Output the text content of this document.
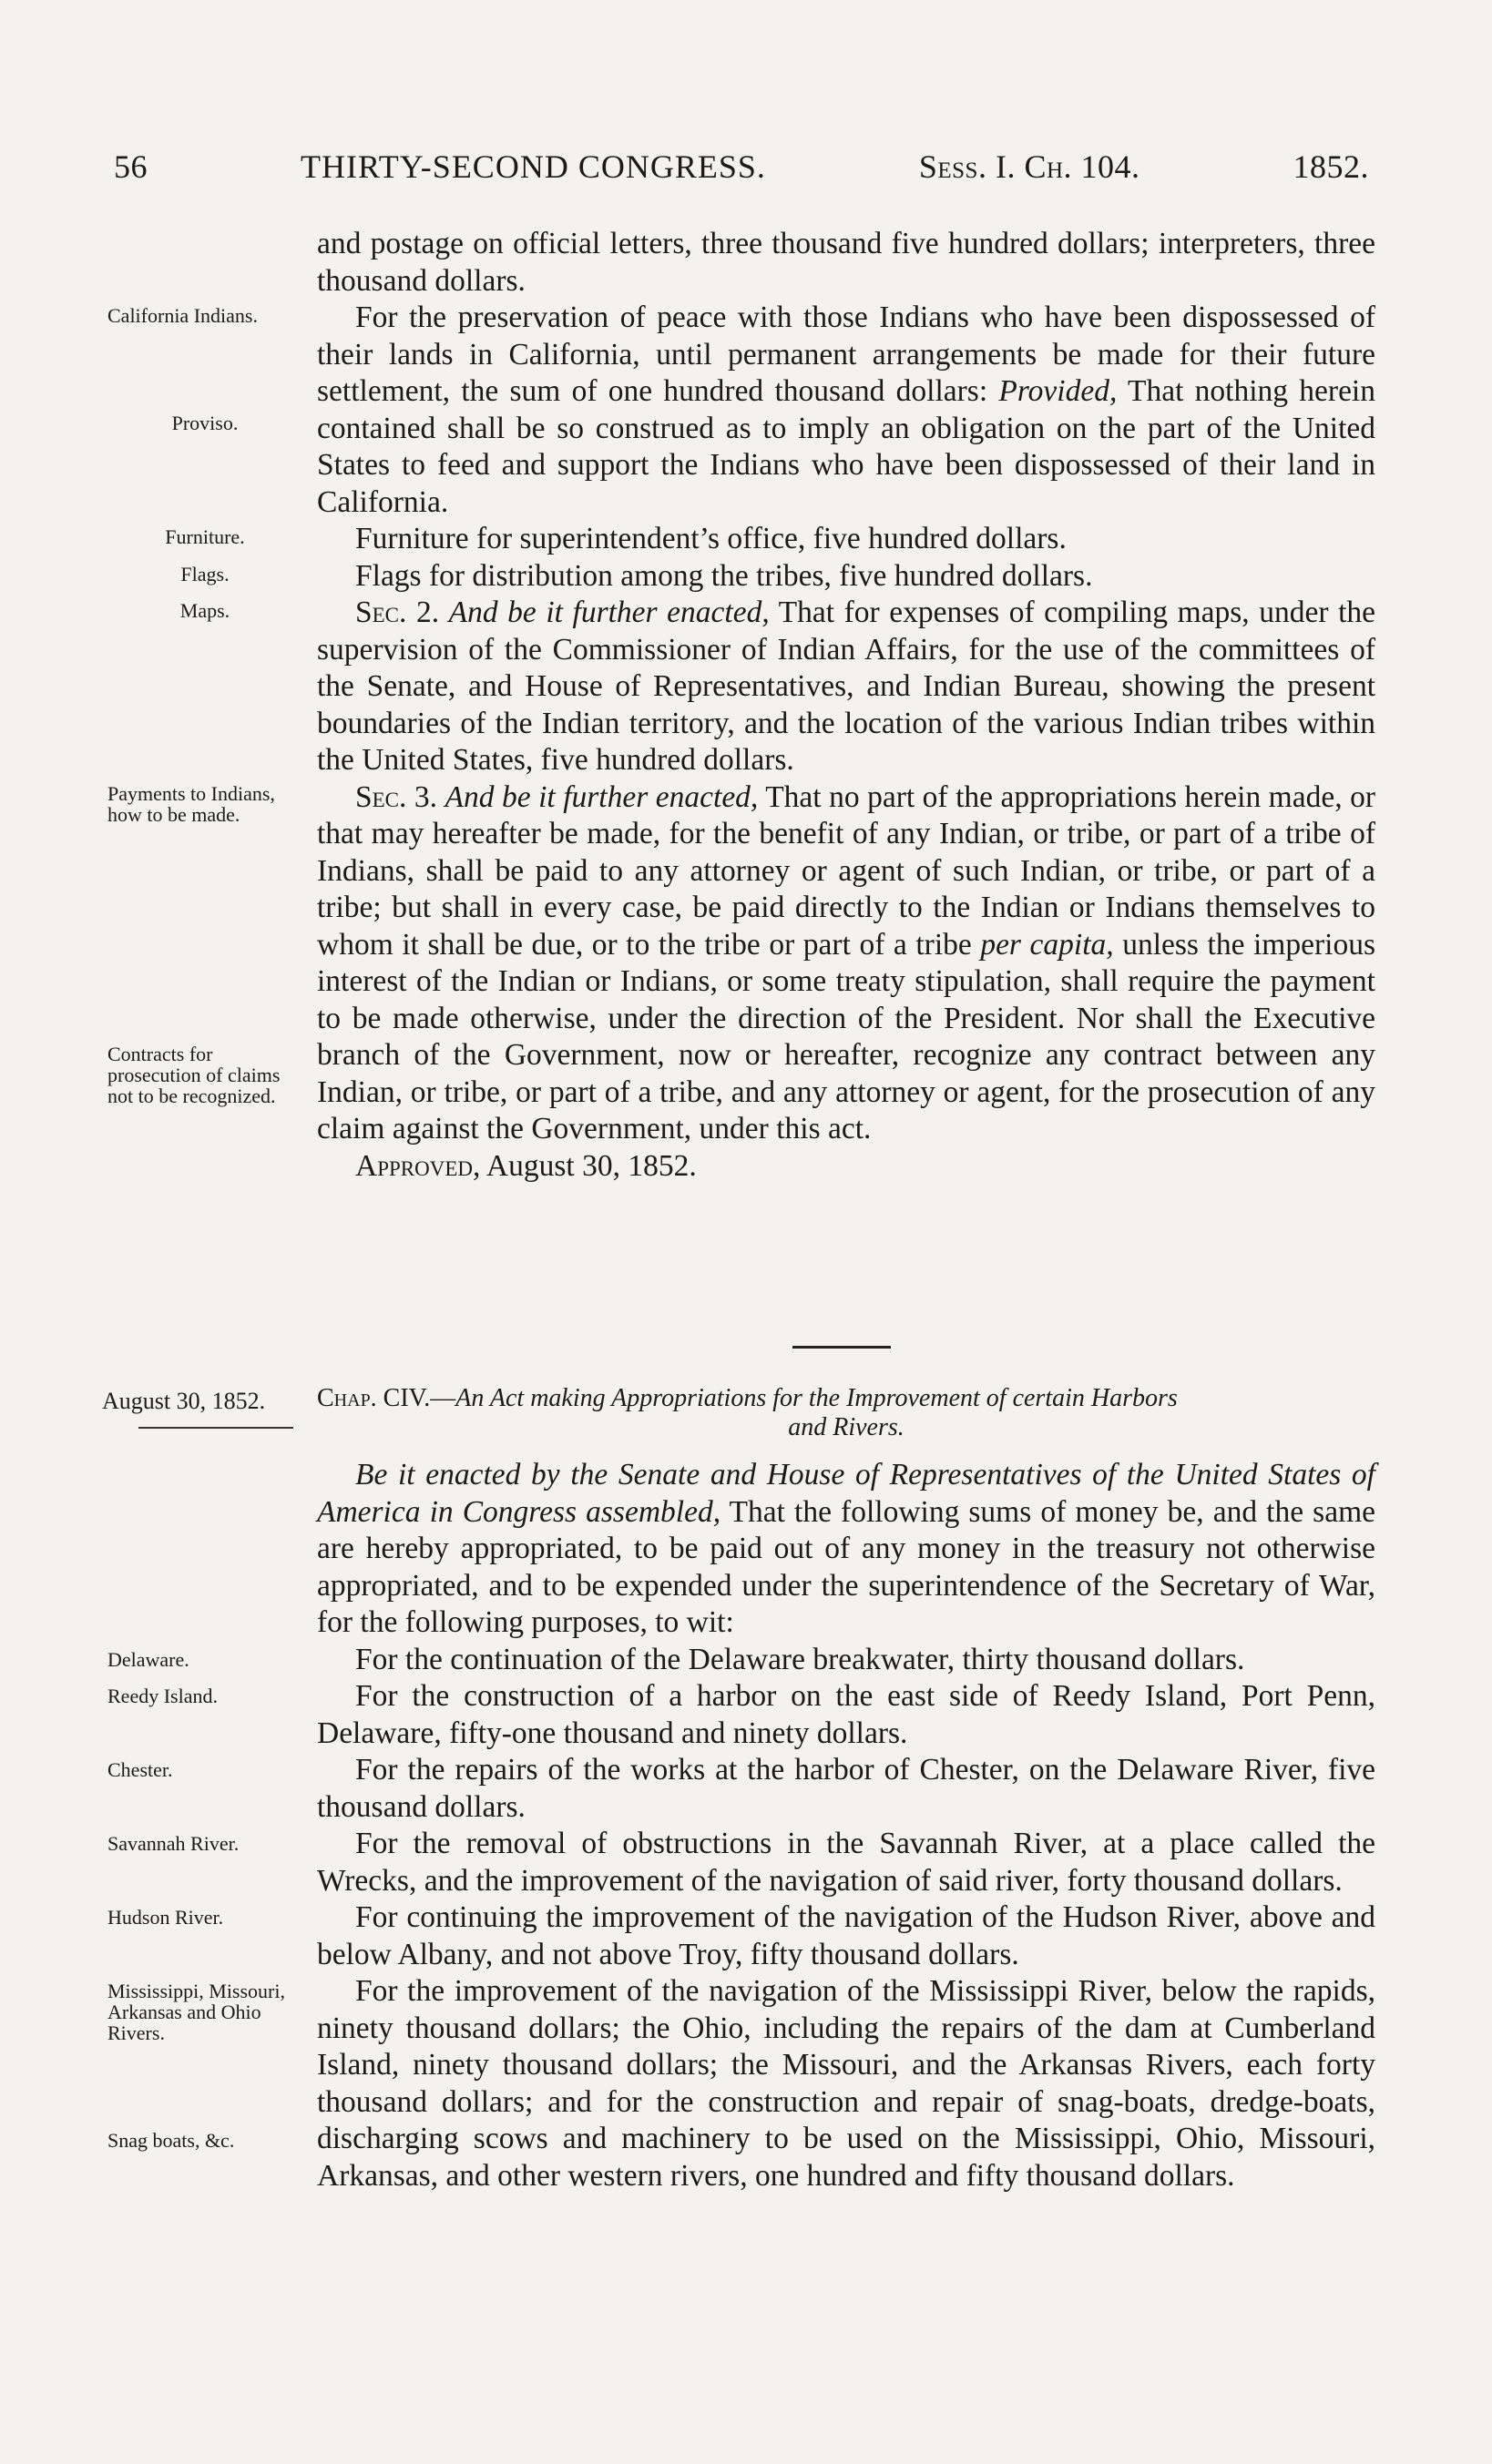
56	THIRTY-SECOND CONGRESS.	Sess. I. Ch. 104.	1852.

and postage on official letters, three thousand five hundred dollars; interpreters, three thousand dollars.

California Indians.
Proviso.

For the preservation of peace with those Indians who have been dispossessed of their lands in California, until permanent arrangements be made for their future settlement, the sum of one hundred thousand dollars: Provided, That nothing herein contained shall be so construed as to imply an obligation on the part of the United States to feed and support the Indians who have been dispossessed of their land in California.

Furniture.	Furniture for superintendent’s office, five hundred dollars.

Flags.	Flags for distribution among the tribes, five hundred dollars.

Maps.	Sec. 2. And be it further enacted, That for expenses of compiling maps, under the supervision of the Commissioner of Indian Affairs, for the use of the committees of the Senate, and House of Representatives, and Indian Bureau, showing the present boundaries of the Indian territory, and the location of the various Indian tribes within the United States, five hundred dollars.

Payments to Indians, how to be made.
Contracts for prosecution of claims not to be recognized.

Sec. 3. And be it further enacted, That no part of the appropriations herein made, or that may hereafter be made, for the benefit of any Indian, or tribe, or part of a tribe of Indians, shall be paid to any attorney or agent of such Indian, or tribe, or part of a tribe; but shall in every case, be paid directly to the Indian or Indians themselves to whom it shall be due, or to the tribe or part of a tribe per capita, unless the imperious interest of the Indian or Indians, or some treaty stipulation, shall require the payment to be made otherwise, under the direction of the President. Nor shall the Executive branch of the Government, now or hereafter, recognize any contract between any Indian, or tribe, or part of a tribe, and any attorney or agent, for the prosecution of any claim against the Government, under this act.

Approved, August 30, 1852.

August 30, 1852. Chap. CIV.—An Act making Appropriations for the Improvement of certain Harbors
and Rivers.

Be it enacted by the Senate and House of Representatives of the United States of America in Congress assembled, That the following sums of money be, and the same are hereby appropriated, to be paid out of any money in the treasury not otherwise appropriated, and to be expended under the superintendence of the Secretary of War, for the following purposes, to wit:

Delaware.	For the continuation of the Delaware breakwater, thirty thousand dollars.

Reedy Island.	For the construction of a harbor on the east side of Reedy Island, Port Penn, Delaware, fifty-one thousand and ninety dollars.

Chester.	For the repairs of the works at the harbor of Chester, on the Delaware River, five thousand dollars.

Savannah River.	For the removal of obstructions in the Savannah River, at a place called the Wrecks, and the improvement of the navigation of said river, forty thousand dollars.

Hudson River.	For continuing the improvement of the navigation of the Hudson River, above and below Albany, and not above Troy, fifty thousand dollars.

Mississippi, Missouri, Arkansas and Ohio Rivers.
Snag boats, &c.

For the improvement of the navigation of the Mississippi River, below the rapids, ninety thousand dollars; the Ohio, including the repairs of the dam at Cumberland Island, ninety thousand dollars; the Missouri, and the Arkansas Rivers, each forty thousand dollars; and for the construction and repair of snag-boats, dredge-boats, discharging scows and machinery to be used on the Mississippi, Ohio, Missouri, Arkansas, and other western rivers, one hundred and fifty thousand dollars.
